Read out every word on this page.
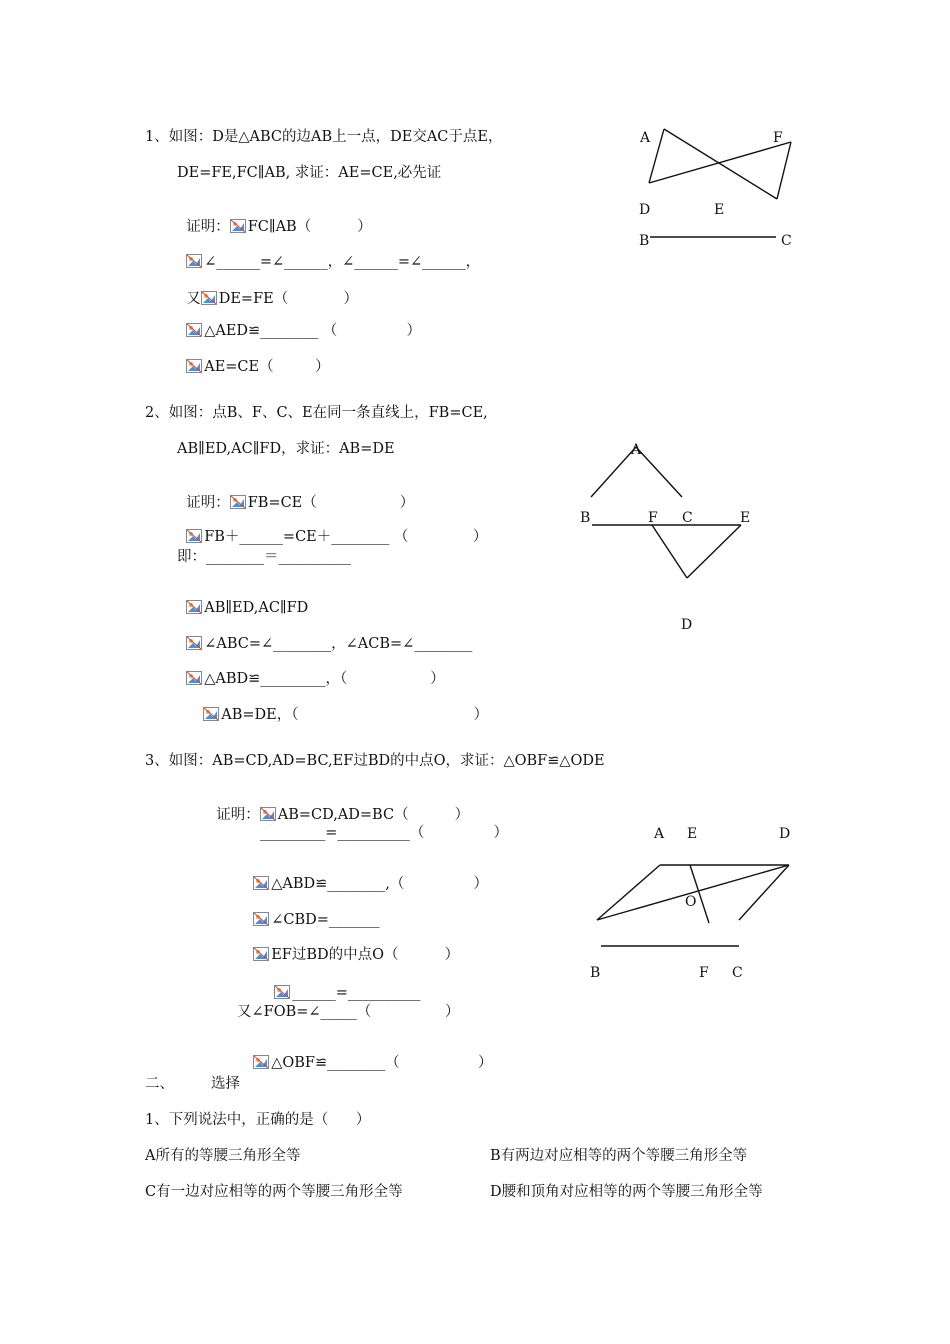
1、如图：D是△ABC的边AB上一点，DE交AC于点E，
DE=FE,FC∥AB, 求证：AE=CE,必先证

证明： FC∥AB（          ）

∠______=∠______，∠______=∠______，

又 DE=FE（            ）

△AED≌________ （               ）

AE=CE（         ）

A	F
D	E
B	C
2、如图：点B、F、C、E在同一条直线上，FB=CE,
AB∥ED,AC∥FD，求证：AB=DE

证明： FB=CE（                  ）

FB＋______=CE＋________ （              ）

即：________＝__________

AB∥ED,AC∥FD

∠ABC=∠________，∠ACB=∠________

△ABD≌_________，（                  ）

AB=DE，（                                      ）

A
B	F C	E
D
3、如图：AB=CD,AD=BC,EF过BD的中点O，求证：△OBF≌△ODE

证明： AB=CD,AD=BC（          ）

_________=__________（               ）

△ABD≌________,（               ）

∠CBD=_______

EF过BD的中点O（          ）

______=__________

又∠FOB=∠_____（                ）

△OBF≌________（                 ）

A E	D
O
B	F C
二、	选择
1、下列说法中，正确的是（      ）
A所有的等腰三角形全等	B有两边对应相等的两个等腰三角形全等
C有一边对应相等的两个等腰三角形全等	D腰和顶角对应相等的两个等腰三角形全等
